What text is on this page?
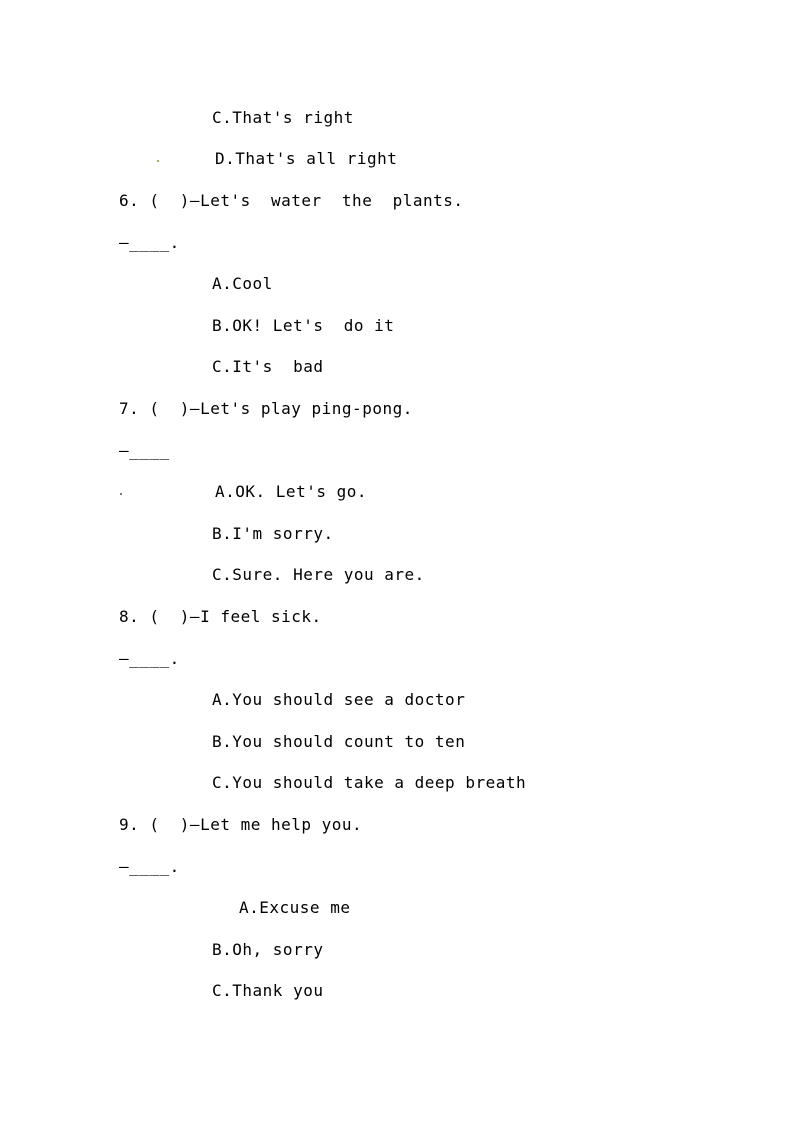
C.That's right
D.That's all right
6. (  )—Let's  water  the  plants.
—____.
A.Cool
B.OK! Let's  do it
C.It's  bad
7. (  )—Let's play ping-pong.
—____
A.OK. Let's go.
B.I'm sorry.
C.Sure. Here you are.
8. (  )—I feel sick.
—____.
A.You should see a doctor
B.You should count to ten
C.You should take a deep breath
9. (  )—Let me help you.
—____.
A.Excuse me
B.Oh, sorry
C.Thank you
